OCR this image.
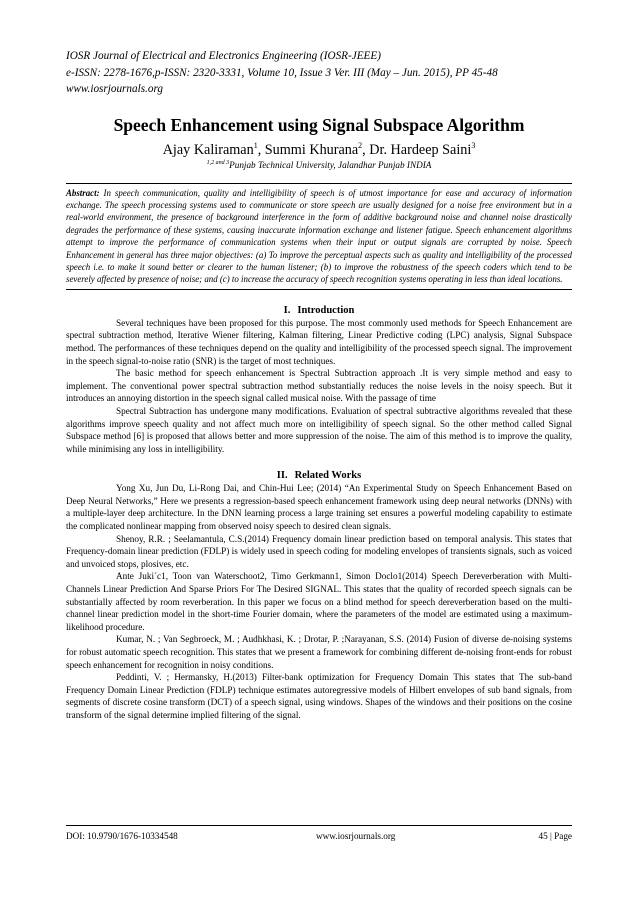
IOSR Journal of Electrical and Electronics Engineering (IOSR-JEEE)
e-ISSN: 2278-1676,p-ISSN: 2320-3331, Volume 10, Issue 3 Ver. III (May – Jun. 2015), PP 45-48
www.iosrjournals.org
Speech Enhancement using Signal Subspace Algorithm
Ajay Kaliraman$^1$, Summi Khurana$^2$, Dr. Hardeep Saini$^3$
$^{1,2 and 3}$Punjab Technical University, Jalandhar Punjab INDIA
Abstract: In speech communication, quality and intelligibility of speech is of utmost importance for ease and accuracy of information exchange. The speech processing systems used to communicate or store speech are usually designed for a noise free environment but in a real-world environment, the presence of background interference in the form of additive background noise and channel noise drastically degrades the performance of these systems, causing inaccurate information exchange and listener fatigue. Speech enhancement algorithms attempt to improve the performance of communication systems when their input or output signals are corrupted by noise. Speech Enhancement in general has three major objectives: (a) To improve the perceptual aspects such as quality and intelligibility of the processed speech i.e. to make it sound better or clearer to the human listener; (b) to improve the robustness of the speech coders which tend to be severely affected by presence of noise; and (c) to increase the accuracy of speech recognition systems operating in less than ideal locations.
I. Introduction

Several techniques have been proposed for this purpose. The most commonly used methods for Speech Enhancement are spectral subtraction method, Iterative Wiener filtering, Kalman filtering, Linear Predictive coding (LPC) analysis, Signal Subspace method. The performances of these techniques depend on the quality and intelligibility of the processed speech signal. The improvement in the speech signal-to-noise ratio (SNR) is the target of most techniques.

The basic method for speech enhancement is Spectral Subtraction approach .It is very simple method and easy to implement. The conventional power spectral subtraction method substantially reduces the noise levels in the noisy speech. But it introduces an annoying distortion in the speech signal called musical noise. With the passage of time

Spectral Subtraction has undergone many modifications. Evaluation of spectral subtractive algorithms revealed that these algorithms improve speech quality and not affect much more on intelligibility of speech signal. So the other method called Signal Subspace method [6] is proposed that allows better and more suppression of the noise. The aim of this method is to improve the quality, while minimising any loss in intelligibility.

II. Related Works

Yong Xu, Jun Du, Li-Rong Dai, and Chin-Hui Lee; (2014) “An Experimental Study on Speech Enhancement Based on Deep Neural Networks,” Here we presents a regression-based speech enhancement framework using deep neural networks (DNNs) with a multiple-layer deep architecture. In the DNN learning process a large training set ensures a powerful modeling capability to estimate the complicated nonlinear mapping from observed noisy speech to desired clean signals.

Shenoy, R.R. ; Seelamantula, C.S.(2014) Frequency domain linear prediction based on temporal analysis. This states that Frequency-domain linear prediction (FDLP) is widely used in speech coding for modeling envelopes of transients signals, such as voiced and unvoiced stops, plosives, etc.

Ante Juki´c1, Toon van Waterschoot2, Timo Gerkmann1, Simon Doclo1(2014) Speech Dereverberation with Multi-Channels Linear Prediction And Sparse Priors For The Desired SIGNAL. This states that the quality of recorded speech signals can be substantially affected by room reverberation. In this paper we focus on a blind method for speech dereverberation based on the multi-channel linear prediction model in the short-time Fourier domain, where the parameters of the model are estimated using a maximum-likelihood procedure.

Kumar, N. ; Van Segbroeck, M. ; Audhkhasi, K. ; Drotar, P. ;Narayanan, S.S. (2014) Fusion of diverse de-noising systems for robust automatic speech recognition. This states that we present a framework for combining different de-noising front-ends for robust speech enhancement for recognition in noisy conditions.

Peddinti, V. ; Hermansky, H.(2013) Filter-bank optimization for Frequency Domain This states that The sub-band Frequency Domain Linear Prediction (FDLP) technique estimates autoregressive models of Hilbert envelopes of sub band signals, from segments of discrete cosine transform (DCT) of a speech signal, using windows. Shapes of the windows and their positions on the cosine transform of the signal determine implied filtering of the signal.

DOI: 10.9790/1676-10334548	www.iosrjournals.org	45 | Page
